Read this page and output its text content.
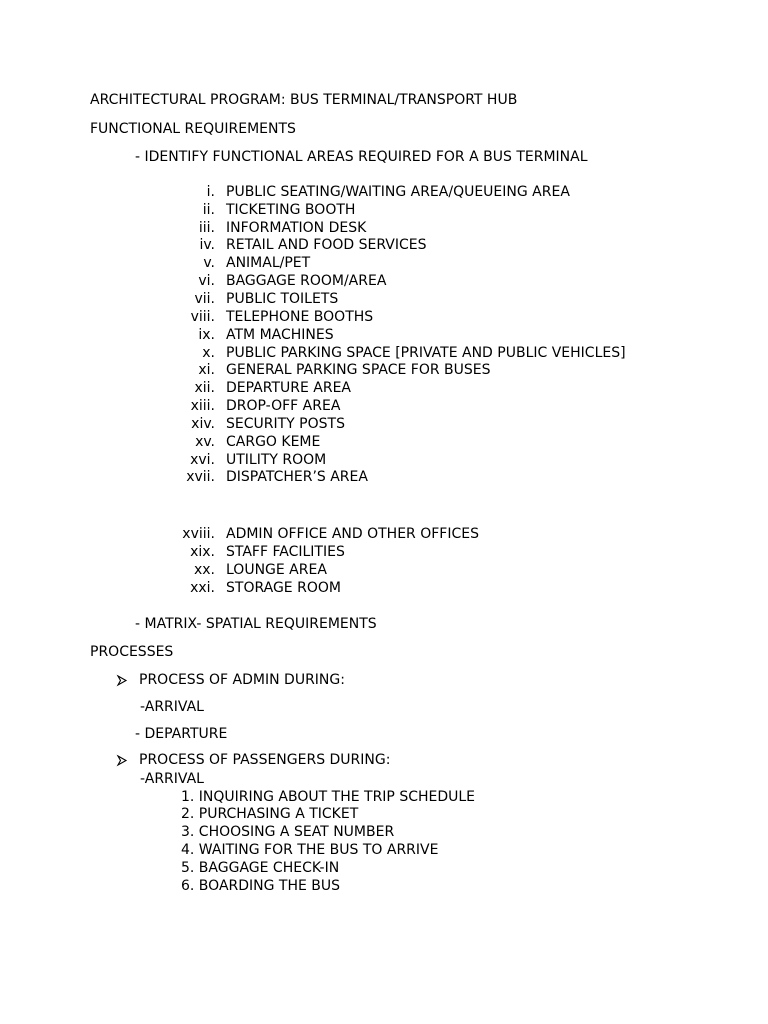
ARCHITECTURAL PROGRAM: BUS TERMINAL/TRANSPORT HUB
FUNCTIONAL REQUIREMENTS
- IDENTIFY FUNCTIONAL AREAS REQUIRED FOR A BUS TERMINAL
i. PUBLIC SEATING/WAITING AREA/QUEUEING AREA
ii. TICKETING BOOTH
iii. INFORMATION DESK
iv. RETAIL AND FOOD SERVICES
v. ANIMAL/PET
vi. BAGGAGE ROOM/AREA
vii. PUBLIC TOILETS
viii. TELEPHONE BOOTHS
ix. ATM MACHINES
x. PUBLIC PARKING SPACE [PRIVATE AND PUBLIC VEHICLES]
xi. GENERAL PARKING SPACE FOR BUSES
xii. DEPARTURE AREA
xiii. DROP-OFF AREA
xiv. SECURITY POSTS
xv. CARGO KEME
xvi. UTILITY ROOM
xvii. DISPATCHER’S AREA
xviii. ADMIN OFFICE AND OTHER OFFICES
xix. STAFF FACILITIES
xx. LOUNGE AREA
xxi. STORAGE ROOM
- MATRIX- SPATIAL REQUIREMENTS
PROCESSES
PROCESS OF ADMIN DURING:
-ARRIVAL
- DEPARTURE
PROCESS OF PASSENGERS DURING:
-ARRIVAL
1. INQUIRING ABOUT THE TRIP SCHEDULE
2. PURCHASING A TICKET
3. CHOOSING A SEAT NUMBER
4. WAITING FOR THE BUS TO ARRIVE
5. BAGGAGE CHECK-IN
6. BOARDING THE BUS
